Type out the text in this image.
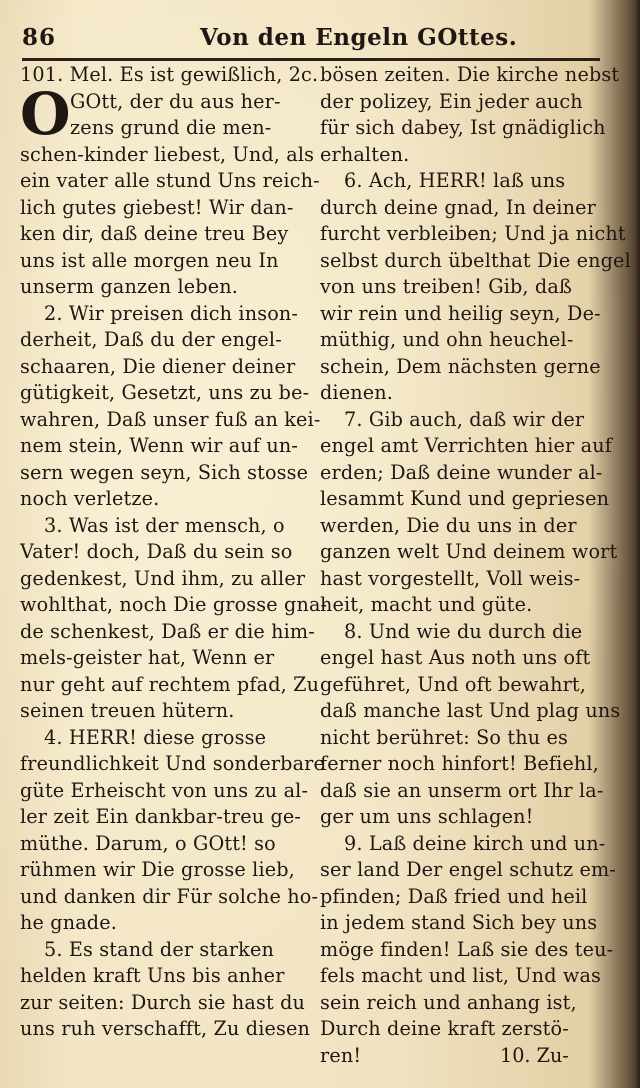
86	Von den Engeln GOttes.
101. Mel. Es ist gewißlich, 2c.
O GOtt, der du aus her-
zens grund die men-
schen-kinder liebest, Und, als
ein vater alle stund Uns reich-
lich gutes giebest! Wir dan-
ken dir, daß deine treu Bey
uns ist alle morgen neu In
unserm ganzen leben.
2. Wir preisen dich inson-
derheit, Daß du der engel-
schaaren, Die diener deiner
gütigkeit, Gesetzt, uns zu be-
wahren, Daß unser fuß an kei-
nem stein, Wenn wir auf un-
sern wegen seyn, Sich stosse
noch verletze.
3. Was ist der mensch, o
Vater! doch, Daß du sein so
gedenkest, Und ihm, zu aller
wohlthat, noch Die grosse gna-
de schenkest, Daß er die him-
mels-geister hat, Wenn er
nur geht auf rechtem pfad, Zu
seinen treuen hütern.
4. HERR! diese grosse
freundlichkeit Und sonderbare
güte Erheischt von uns zu al-
ler zeit Ein dankbar-treu ge-
müthe. Darum, o GOtt! so
rühmen wir Die grosse lieb,
und danken dir Für solche ho-
he gnade.
5. Es stand der starken
helden kraft Uns bis anher
zur seiten: Durch sie hast du
uns ruh verschafft, Zu diesen
bösen zeiten. Die kirche nebst
der polizey, Ein jeder auch
für sich dabey, Ist gnädiglich
erhalten.
6. Ach, HERR! laß uns
durch deine gnad, In deiner
furcht verbleiben; Und ja nicht
selbst durch übelthat Die engel
von uns treiben! Gib, daß
wir rein und heilig seyn, De-
müthig, und ohn heuchel-
schein, Dem nächsten gerne
dienen.
7. Gib auch, daß wir der
engel amt Verrichten hier auf
erden; Daß deine wunder al-
lesammt Kund und gepriesen
werden, Die du uns in der
ganzen welt Und deinem wort
hast vorgestellt, Voll weis-
heit, macht und güte.
8. Und wie du durch die
engel hast Aus noth uns oft
geführet, Und oft bewahrt,
daß manche last Und plag uns
nicht berühret: So thu es
ferner noch hinfort! Befiehl,
daß sie an unserm ort Ihr la-
ger um uns schlagen!
9. Laß deine kirch und un-
ser land Der engel schutz em-
pfinden; Daß fried und heil
in jedem stand Sich bey uns
möge finden! Laß sie des teu-
fels macht und list, Und was
sein reich und anhang ist,
Durch deine kraft zerstö-
ren!	10. Zu-
